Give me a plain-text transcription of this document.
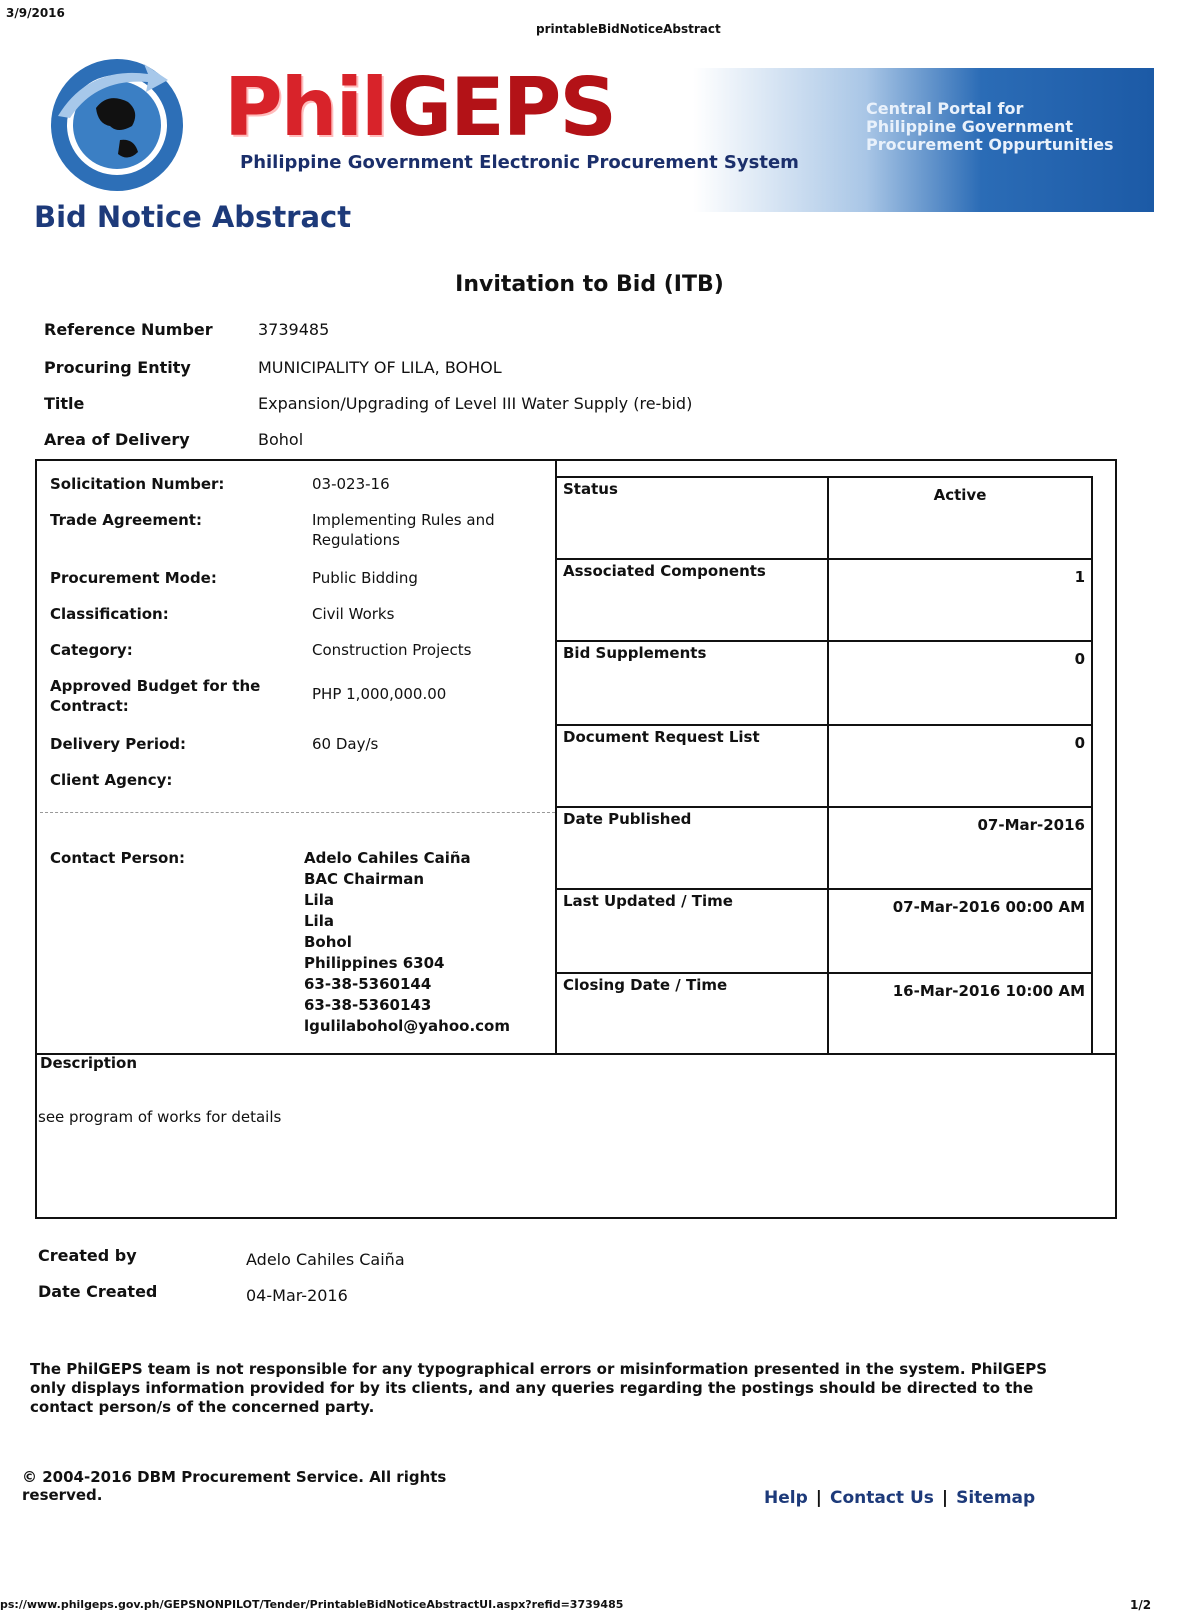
3/9/2016
printableBidNoticeAbstract
PhilGEPS
Philippine Government Electronic Procurement System
Central Portal for
Philippine Government
Procurement Oppurtunities
Bid Notice Abstract
Invitation to Bid (ITB)
Reference Number	3739485
Procuring Entity	MUNICIPALITY OF LILA, BOHOL
Title	Expansion/Upgrading of Level III Water Supply (re-bid)
Area of Delivery	Bohol
Solicitation Number:	03-023-16
Trade Agreement:	Implementing Rules and Regulations
Procurement Mode:	Public Bidding
Classification:	Civil Works
Category:	Construction Projects
Approved Budget for the Contract:
PHP 1,000,000.00
Delivery Period:	60 Day/s
Client Agency:
Contact Person:	Adelo Cahiles Caiña
BAC Chairman
Lila
Lila
Bohol
Philippines 6304
63-38-5360144
63-38-5360143
lgulilabohol@yahoo.com
Status	Active
Associated Components	1
Bid Supplements	0
Document Request List	0
Date Published	07-Mar-2016
Last Updated / Time	07-Mar-2016 00:00 AM
Closing Date / Time	16-Mar-2016 10:00 AM
Description
see program of works for details
Created by	Adelo Cahiles Caiña
Date Created	04-Mar-2016
The PhilGEPS team is not responsible for any typographical errors or misinformation presented in the system. PhilGEPS only displays information provided for by its clients, and any queries regarding the postings should be directed to the contact person/s of the concerned party.
© 2004-2016 DBM Procurement Service. All rights reserved.	Help | Contact Us | Sitemap
ps://www.philgeps.gov.ph/GEPSNONPILOT/Tender/PrintableBidNoticeAbstractUI.aspx?refid=3739485	1/2
